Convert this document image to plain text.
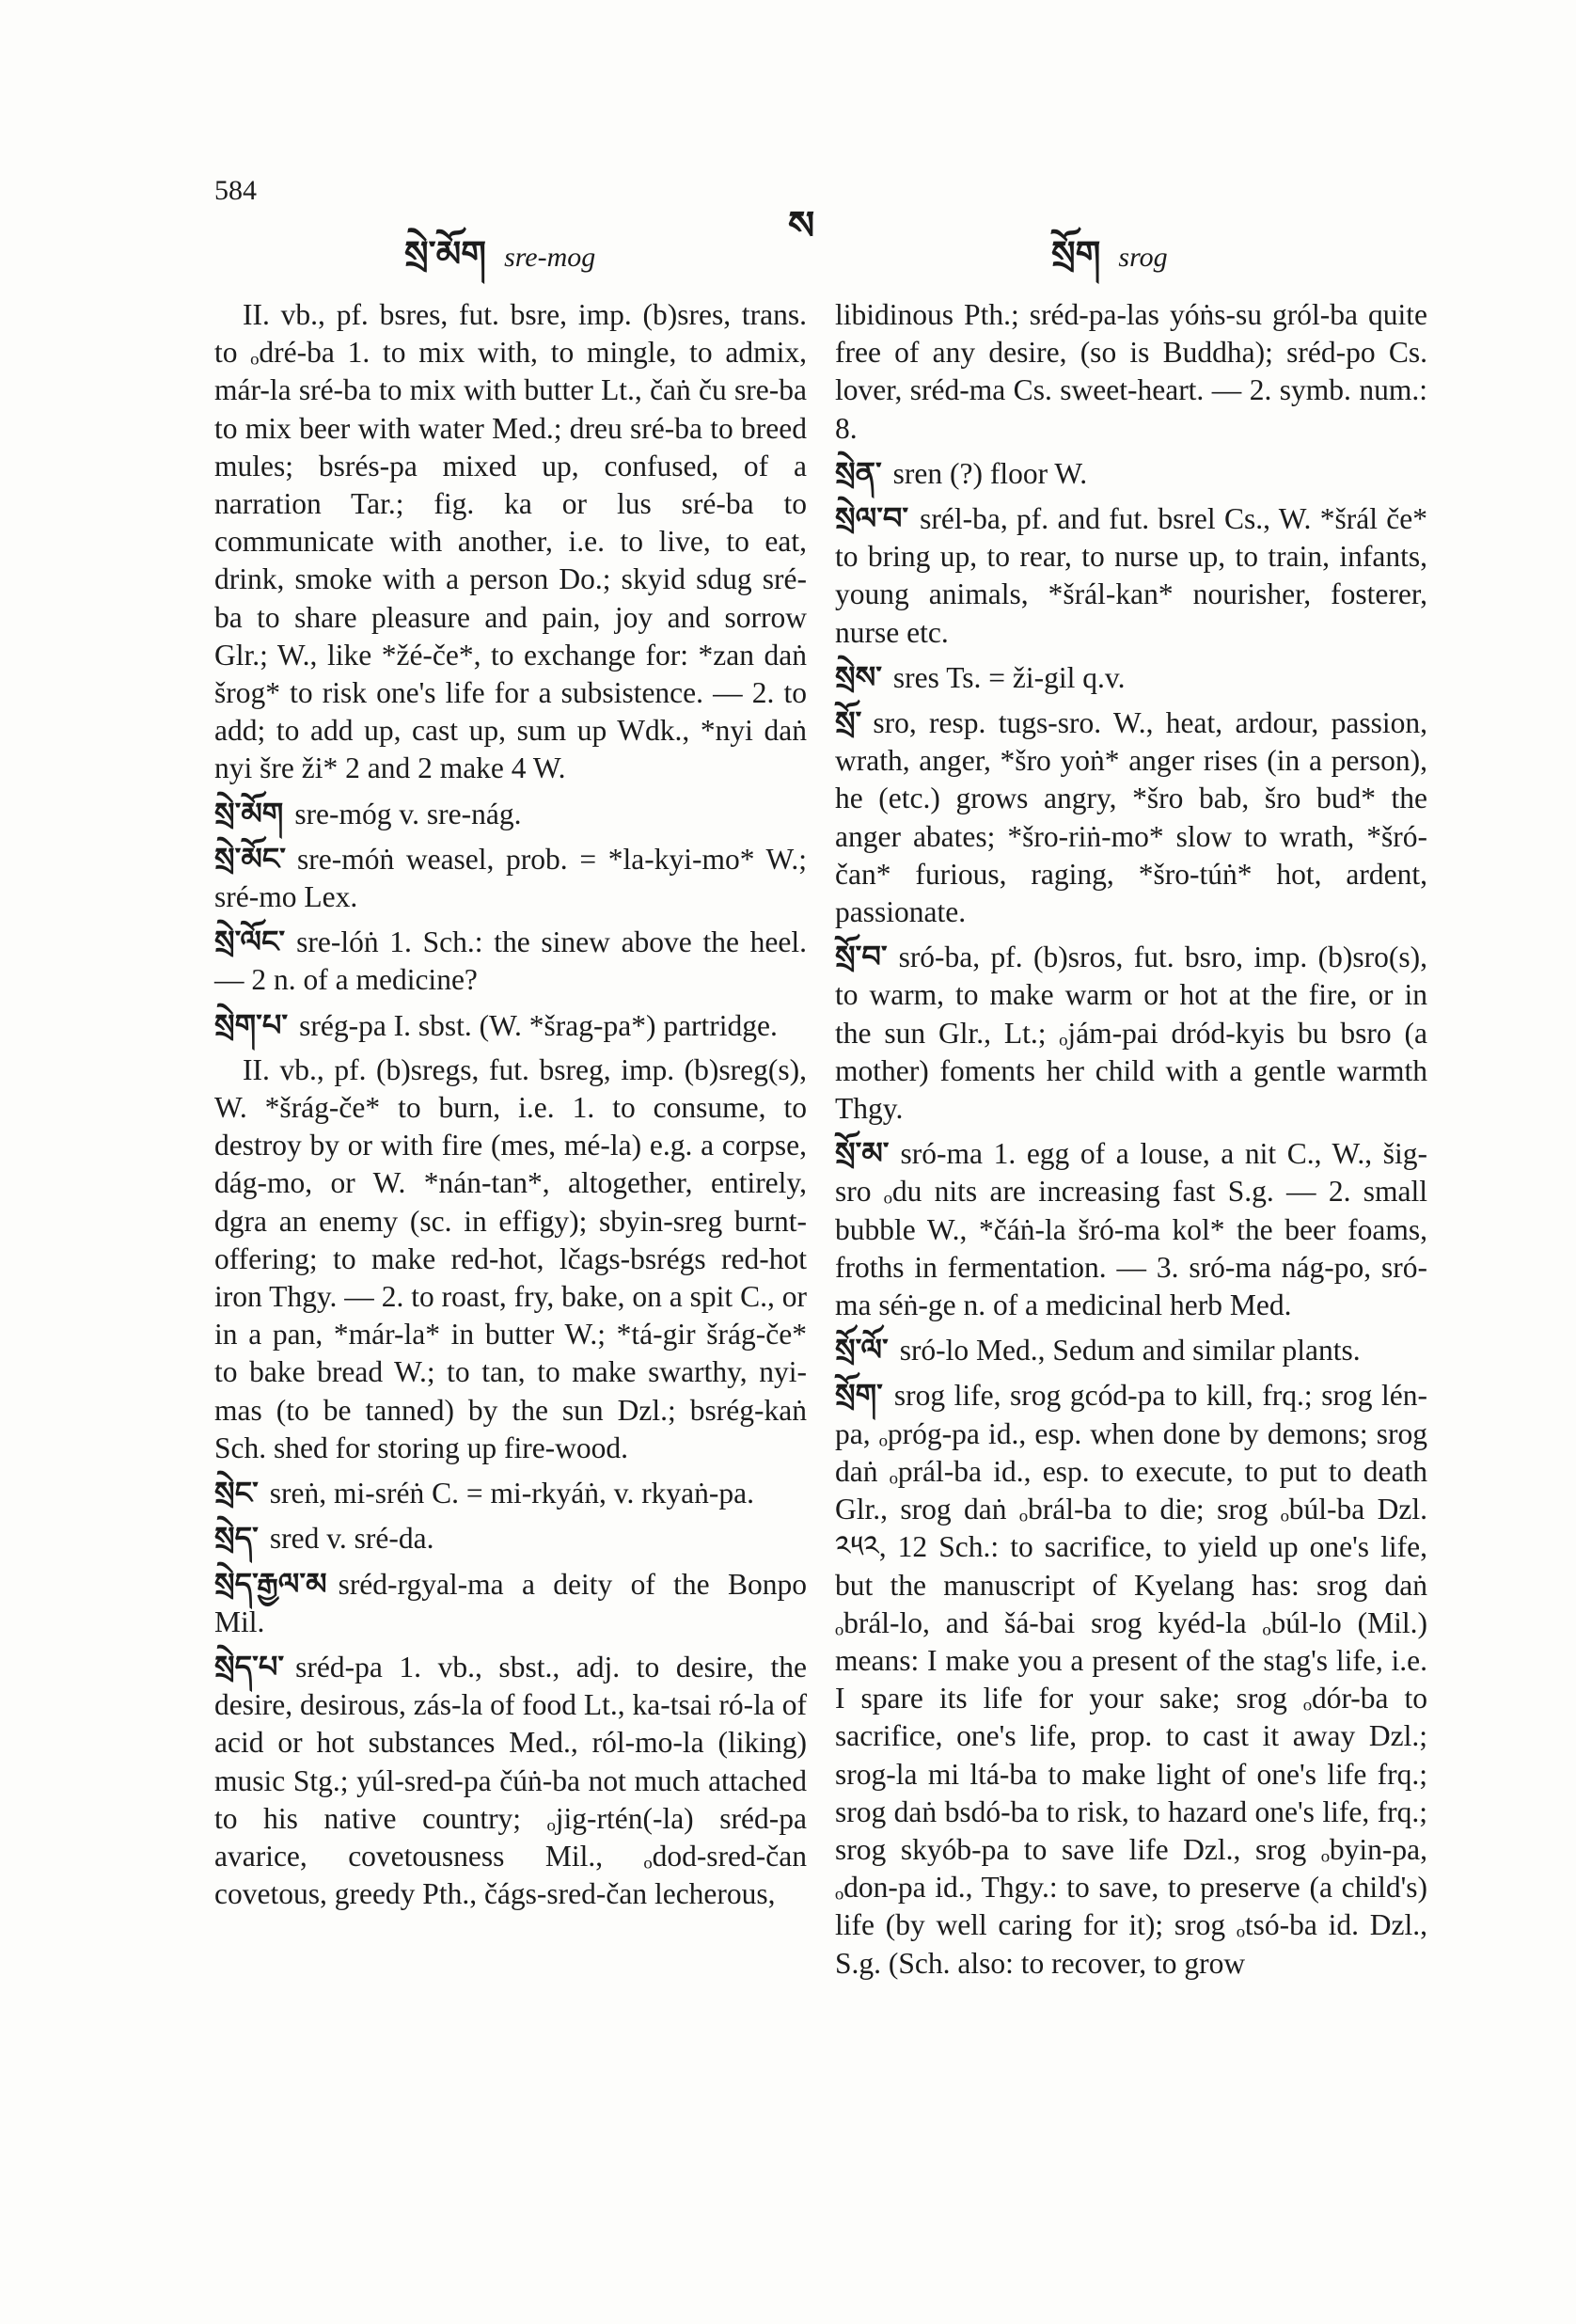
584
སྲེ་མོག sre-mog
ས
སྲོག srog

II. vb., pf. bsres, fut. bsre, imp. (b)sres, trans. to ₒdré-ba 1. to mix with, to mingle, to admix, már-la sré-ba to mix with butter Lt., čaṅ ču sre-ba to mix beer with water Med.; dreu sré-ba to breed mules; bsrés-pa mixed up, confused, of a narration Tar.; fig. ka or lus sré-ba to communicate with another, i.e. to live, to eat, drink, smoke with a person Do.; skyid sdug sré-ba to share pleasure and pain, joy and sorrow Glr.; W., like *žé-če*, to exchange for: *zan daṅ šrog* to risk one's life for a subsistence. — 2. to add; to add up, cast up, sum up Wdk., *nyi daṅ nyi šre ži* 2 and 2 make 4 W.

སྲེ་མོག sre-móg v. sre-nág.

སྲེ་མོང་ sre-móṅ weasel, prob. = *la-kyi-mo* W.; sré-mo Lex.

སྲེ་ལོང་ sre-lóṅ 1. Sch.: the sinew above the heel. — 2 n. of a medicine?

སྲེག་པ་ srég-pa I. sbst. (W. *šrag-pa*) partridge.

II. vb., pf. (b)sregs, fut. bsreg, imp. (b)sreg(s), W. *šrág-če* to burn, i.e. 1. to consume, to destroy by or with fire (mes, mé-la) e.g. a corpse, dág-mo, or W. *nán-tan*, altogether, entirely, dgra an enemy (sc. in effigy); sbyin-sreg burnt-offering; to make red-hot, lčags-bsrégs red-hot iron Thgy. — 2. to roast, fry, bake, on a spit C., or in a pan, *már-la* in butter W.; *tá-gir šrág-če* to bake bread W.; to tan, to make swarthy, nyi-mas (to be tanned) by the sun Dzl.; bsrég-kaṅ Sch. shed for storing up fire-wood.

སྲེང་ sreṅ, mi-sréṅ C. = mi-rkyáṅ, v. rkyaṅ-pa.

སྲེད་ sred v. sré-da.

སྲེད་རྒྱལ་མ sréd-rgyal-ma a deity of the Bonpo Mil.

སྲེད་པ་ sréd-pa 1. vb., sbst., adj. to desire, the desire, desirous, zás-la of food Lt., ka-tsai ró-la of acid or hot substances Med., ról-mo-la (liking) music Stg.; yúl-sred-pa čúṅ-ba not much attached to his native country; ₒjig-rtén(-la) sréd-pa avarice, covetousness Mil., ₒdod-sred-čan covetous, greedy Pth., čágs-sred-čan lecherous,

libidinous Pth.; sréd-pa-las yóṅs-su gról-ba quite free of any desire, (so is Buddha); sréd-po Cs. lover, sréd-ma Cs. sweet-heart. — 2. symb. num.: 8.

སྲེན་ sren (?) floor W.

སྲེལ་བ་ srél-ba, pf. and fut. bsrel Cs., W. *šrál če* to bring up, to rear, to nurse up, to train, infants, young animals, *šrál-kan* nourisher, fosterer, nurse etc.

སྲེས་ sres Ts. = ži-gil q.v.

སྲོ་ sro, resp. tugs-sro. W., heat, ardour, passion, wrath, anger, *šro yoṅ* anger rises (in a person), he (etc.) grows angry, *šro bab, šro bud* the anger abates; *šro-riṅ-mo* slow to wrath, *šró-čan* furious, raging, *šro-túṅ* hot, ardent, passionate.

སྲོ་བ་ sró-ba, pf. (b)sros, fut. bsro, imp. (b)sro(s), to warm, to make warm or hot at the fire, or in the sun Glr., Lt.; ₒjám-pai dród-kyis bu bsro (a mother) foments her child with a gentle warmth Thgy.

སྲོ་མ་ sró-ma 1. egg of a louse, a nit C., W., šig-sro ₒdu nits are increasing fast S.g. — 2. small bubble W., *čáṅ-la šró-ma kol* the beer foams, froths in fermentation. — 3. sró-ma nág-po, sró-ma séṅ-ge n. of a medicinal herb Med.

སྲོ་ལོ་ sró-lo Med., Sedum and similar plants.

སྲོག་ srog life, srog gcód-pa to kill, frq.; srog lén-pa, ₒpróg-pa id., esp. when done by demons; srog daṅ ₒprál-ba id., esp. to execute, to put to death Glr., srog daṅ ₒbrál-ba to die; srog ₒbúl-ba Dzl. ༢༥༢, 12 Sch.: to sacrifice, to yield up one's life, but the manuscript of Kyelang has: srog daṅ ₒbrál-lo, and šá-bai srog kyéd-la ₒbúl-lo (Mil.) means: I make you a present of the stag's life, i.e. I spare its life for your sake; srog ₒdór-ba to sacrifice, one's life, prop. to cast it away Dzl.; srog-la mi ltá-ba to make light of one's life frq.; srog daṅ bsdó-ba to risk, to hazard one's life, frq.; srog skyób-pa to save life Dzl., srog ₒbyin-pa, ₒdon-pa id., Thgy.: to save, to preserve (a child's) life (by well caring for it); srog ₒtsó-ba id. Dzl., S.g. (Sch. also: to recover, to grow
